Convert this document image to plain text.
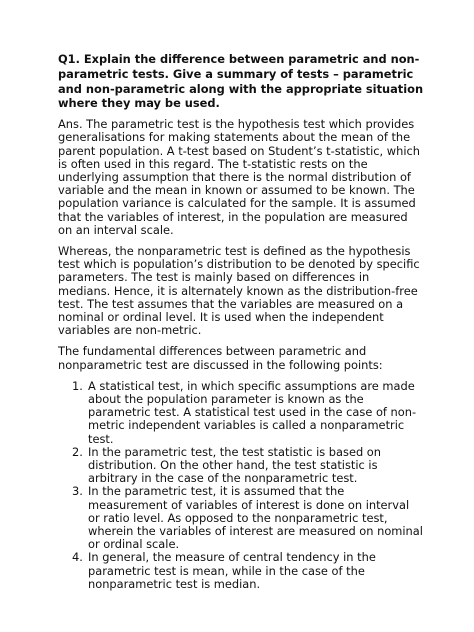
Q1. Explain the difference between parametric and non-parametric tests. Give a summary of tests – parametric and non-parametric along with the appropriate situation where they may be used.
Ans. The parametric test is the hypothesis test which provides generalisations for making statements about the mean of the parent population. A t-test based on Student’s t-statistic, which is often used in this regard. The t-statistic rests on the underlying assumption that there is the normal distribution of variable and the mean in known or assumed to be known. The population variance is calculated for the sample. It is assumed that the variables of interest, in the population are measured on an interval scale.
Whereas, the nonparametric test is defined as the hypothesis test which is population’s distribution to be denoted by specific parameters. The test is mainly based on differences in medians. Hence, it is alternately known as the distribution-free test. The test assumes that the variables are measured on a nominal or ordinal level. It is used when the independent variables are non-metric.
The fundamental differences between parametric and nonparametric test are discussed in the following points:
1. A statistical test, in which specific assumptions are made about the population parameter is known as the parametric test. A statistical test used in the case of non-metric independent variables is called a nonparametric test.
2. In the parametric test, the test statistic is based on distribution. On the other hand, the test statistic is arbitrary in the case of the nonparametric test.
3. In the parametric test, it is assumed that the measurement of variables of interest is done on interval or ratio level. As opposed to the nonparametric test, wherein the variables of interest are measured on nominal or ordinal scale.
4. In general, the measure of central tendency in the parametric test is mean, while in the case of the nonparametric test is median.
